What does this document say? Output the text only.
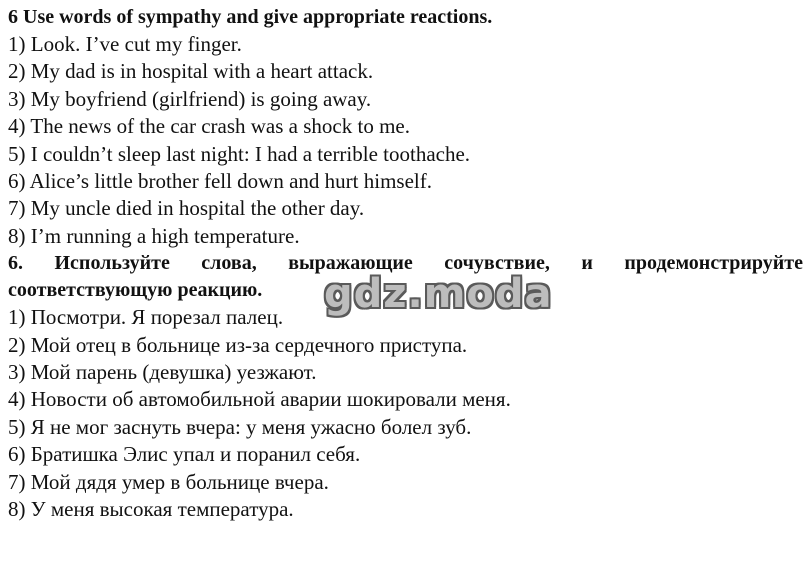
6 Use words of sympathy and give appropriate reactions.
1) Look. I’ve cut my finger.
2) My dad is in hospital with a heart attack.
3) My boyfriend (girlfriend) is going away.
4) The news of the car crash was a shock to me.
5) I couldn’t sleep last night: I had a terrible toothache.
6) Alice’s little brother fell down and hurt himself.
7) My uncle died in hospital the other day.
8) I’m running a high temperature.
6. Используйте слова, выражающие сочувствие, и продемонстрируйте
соответствующую реакцию.
1) Посмотри. Я порезал палец.
2) Мой отец в больнице из-за сердечного приступа.
3) Мой парень (девушка) уезжают.
4) Новости об автомобильной аварии шокировали меня.
5) Я не мог заснуть вчера: у меня ужасно болел зуб.
6) Братишка Элис упал и поранил себя.
7) Мой дядя умер в больнице вчера.
8) У меня высокая температура.
gdz.moda
